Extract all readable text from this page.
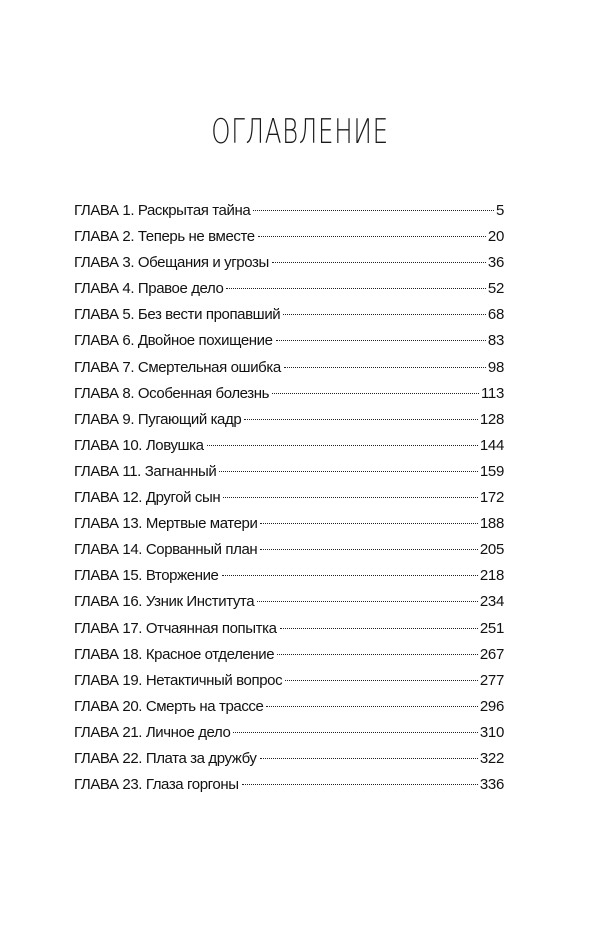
ОГЛАВЛЕНИЕ
ГЛАВА 1. Раскрытая тайна	5
ГЛАВА 2. Теперь не вместе	20
ГЛАВА 3. Обещания и угрозы	36
ГЛАВА 4. Правое дело	52
ГЛАВА 5. Без вести пропавший	68
ГЛАВА 6. Двойное похищение	83
ГЛАВА 7. Смертельная ошибка	98
ГЛАВА 8. Особенная болезнь	113
ГЛАВА 9. Пугающий кадр	128
ГЛАВА 10. Ловушка	144
ГЛАВА 11. Загнанный	159
ГЛАВА 12. Другой сын	172
ГЛАВА 13. Мертвые матери	188
ГЛАВА 14. Сорванный план	205
ГЛАВА 15. Вторжение	218
ГЛАВА 16. Узник Института	234
ГЛАВА 17. Отчаянная попытка	251
ГЛАВА 18. Красное отделение	267
ГЛАВА 19. Нетактичный вопрос	277
ГЛАВА 20. Смерть на трассе	296
ГЛАВА 21. Личное дело	310
ГЛАВА 22. Плата за дружбу	322
ГЛАВА 23. Глаза горгоны	336
